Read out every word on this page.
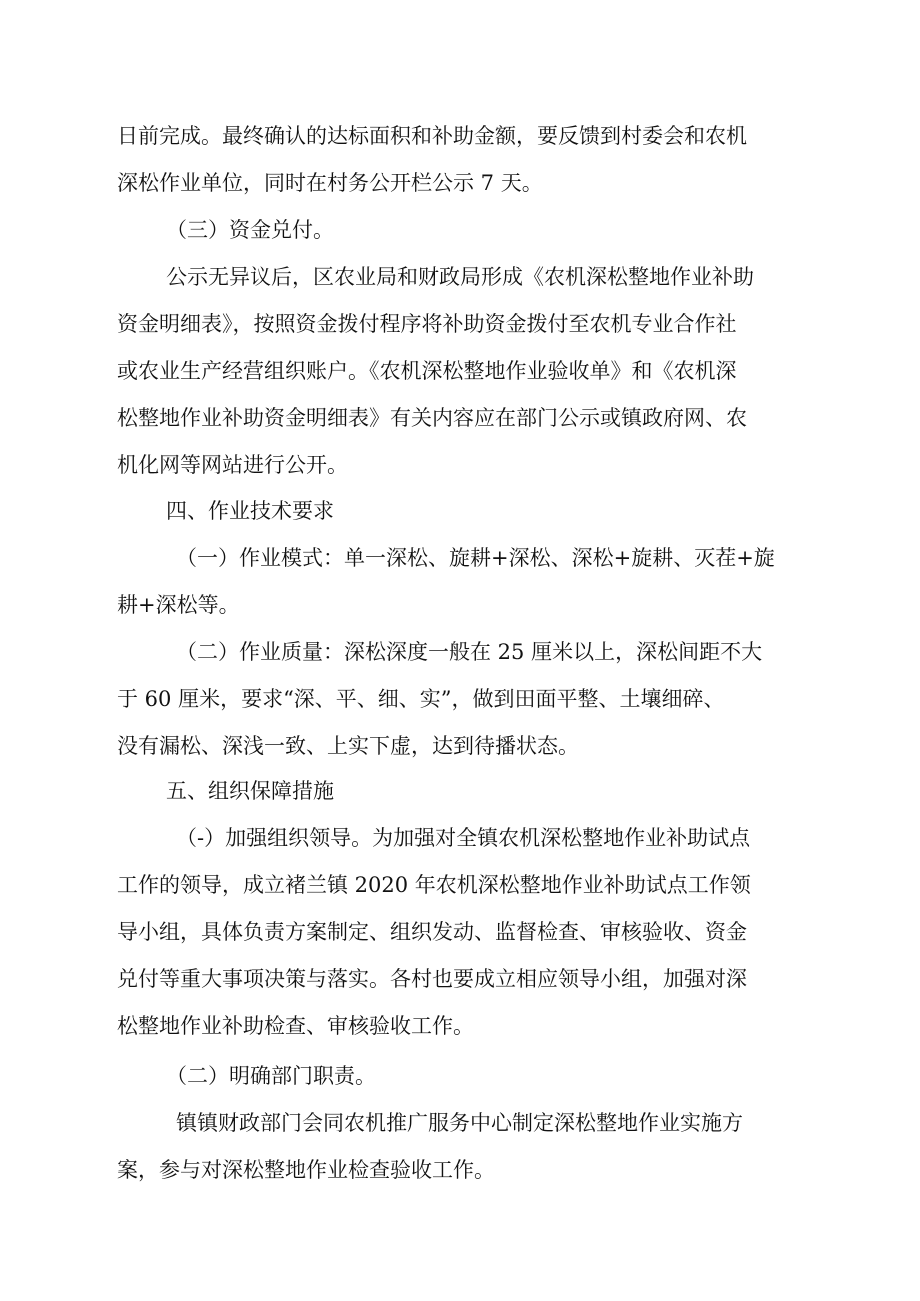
日前完成。最终确认的达标面积和补助金额，要反馈到村委会和农机
深松作业单位，同时在村务公开栏公示 7 天。
（三）资金兑付。
公示无异议后，区农业局和财政局形成《农机深松整地作业补助
资金明细表》，按照资金拨付程序将补助资金拨付至农机专业合作社
或农业生产经营组织账户。《农机深松整地作业验收单》和《农机深
松整地作业补助资金明细表》有关内容应在部门公示或镇政府网、农
机化网等网站进行公开。
四、作业技术要求
（一）作业模式：单一深松、旋耕+深松、深松+旋耕、灭茬+旋
耕+深松等。
（二）作业质量：深松深度一般在 25 厘米以上，深松间距不大
于 60 厘米，要求“深、平、细、实”，做到田面平整、土壤细碎、
没有漏松、深浅一致、上实下虚，达到待播状态。
五、组织保障措施
（-）加强组织领导。为加强对全镇农机深松整地作业补助试点
工作的领导，成立褚兰镇 2020 年农机深松整地作业补助试点工作领
导小组，具体负责方案制定、组织发动、监督检查、审核验收、资金
兑付等重大事项决策与落实。各村也要成立相应领导小组，加强对深
松整地作业补助检查、审核验收工作。
（二）明确部门职责。
镇镇财政部门会同农机推广服务中心制定深松整地作业实施方
案，参与对深松整地作业检查验收工作。
